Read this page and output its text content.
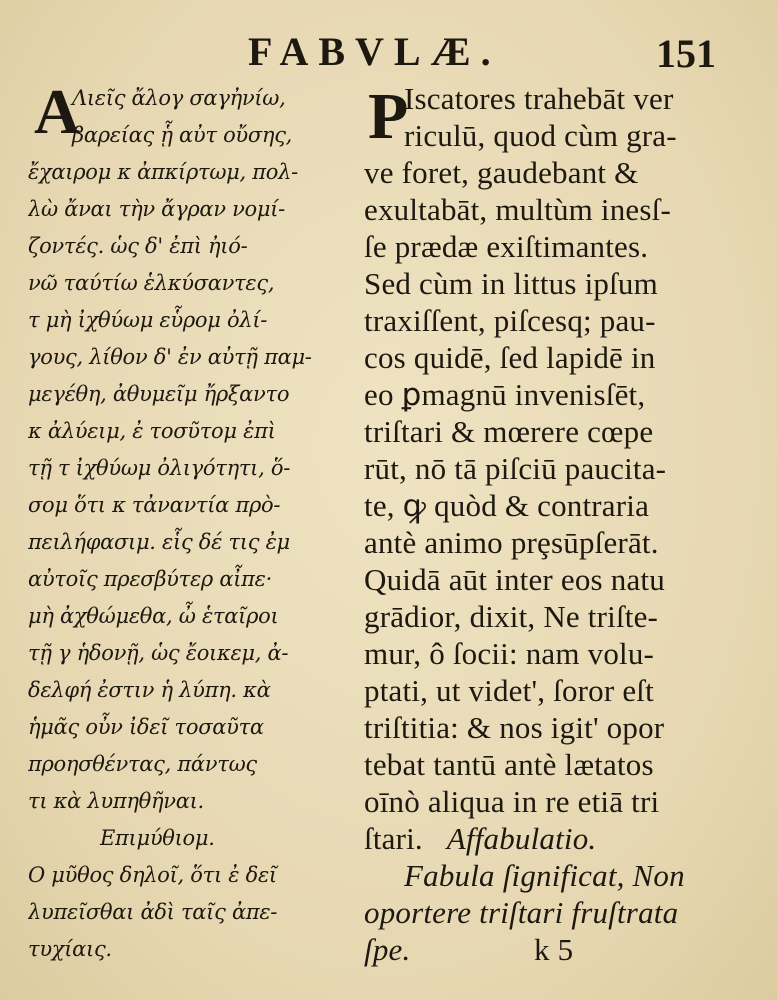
FABVLÆ.	151
A
Λιεῖς ἄλογ σαγἠνίω,
βαρείας ᾗ αὐτ οὔσης,
ἔχαιρομ κ ἀπκίρτωμ, πολ-
λὼ ἄναι τὴν ἄγραν νομί-
ζοντές. ὡς δ' ἐπὶ ἠιό-
νῶ ταύτίω ἑλκύσαντες,
τ μὴ ἰχθύωμ εὗρομ ὀλί-
γους, λίθον δ' ἐν αὐτῇ παμ-
μεγέθη, ἀθυμεῖμ ἤρξαντο
κ ἀλύειμ, ἐ τοσῦτομ ἐπὶ
τῇ τ ἰχθύωμ ὀλιγότητι, ὅ-
σομ ὅτι κ τἀναντία πρὸ-
πειλήφασιμ. εἷς δέ τις ἐμ
αὐτοῖς πρεσβύτερ αἶπε·
μὴ ἀχθώμεθα, ὦ ἑταῖροι
τῇ γ ἡδονῇ, ὡς ἔοικεμ, ἀ-
δελφή ἐστιν ἡ λύπη. κὰ
ἡμᾶς οὖν ἰδεῖ τοσαῦτα
προησθέντας, πάντως
τι κὰ λυπηθῆναι.
Επιμύθιομ.
Ο μῦθος δηλοῖ, ὅτι ἐ δεῖ
λυπεῖσθαι ἀδὶ ταῖς ἀπε-
τυχίαις.
P
Iscatores trahebāt ver
riculū, quod cùm gra-
ve foret, gaudebant &
exultabāt, multùm inesſ-
ſe prædæ exiſtimantes.
Sed cùm in littus ipſum
traxiſſent, piſcesq; pau-
cos quidē, ſed lapidē in
eo ꝑmagnū invenisſēt,
triſtari & mœrere cœpe
rūt, nō tā piſciū paucita-
te, ꝙ quòd & contraria
antè animo prȩsūpſerāt.
Quidā aūt inter eos natu
grādior, dixit, Ne triſte-
mur, ô ſocii: nam volu-
ptati, ut videt', ſoror eſt
triſtitia: & nos igit' opor
tebat tantū antè lætatos
oīnò aliqua in re etiā tri
ſtari. Affabulatio.
Fabula ſignificat, Non
oportere triſtari fruſtrata
ſpe.	k 5
